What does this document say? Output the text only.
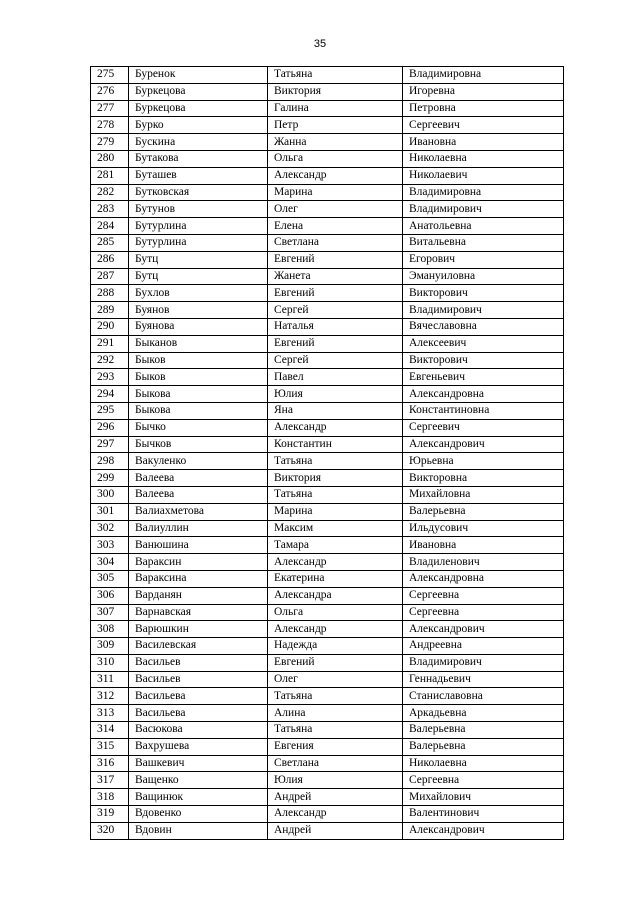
35
275	Буренок	Татьяна	Владимировна
276	Буркецова	Виктория	Игоревна
277	Буркецова	Галина	Петровна
278	Бурко	Петр	Сергеевич
279	Бускина	Жанна	Ивановна
280	Бутакова	Ольга	Николаевна
281	Буташев	Александр	Николаевич
282	Бутковская	Марина	Владимировна
283	Бутунов	Олег	Владимирович
284	Бутурлина	Елена	Анатольевна
285	Бутурлина	Светлана	Витальевна
286	Бутц	Евгений	Егорович
287	Бутц	Жанета	Эмануиловна
288	Бухлов	Евгений	Викторович
289	Буянов	Сергей	Владимирович
290	Буянова	Наталья	Вячеславовна
291	Быканов	Евгений	Алексеевич
292	Быков	Сергей	Викторович
293	Быков	Павел	Евгеньевич
294	Быкова	Юлия	Александровна
295	Быкова	Яна	Константиновна
296	Бычко	Александр	Сергеевич
297	Бычков	Константин	Александрович
298	Вакуленко	Татьяна	Юрьевна
299	Валеева	Виктория	Викторовна
300	Валеева	Татьяна	Михайловна
301	Валиахметова	Марина	Валерьевна
302	Валиуллин	Максим	Ильдусович
303	Ванюшина	Тамара	Ивановна
304	Вараксин	Александр	Владиленович
305	Вараксина	Екатерина	Александровна
306	Варданян	Александра	Сергеевна
307	Варнавская	Ольга	Сергеевна
308	Варюшкин	Александр	Александрович
309	Василевская	Надежда	Андреевна
310	Васильев	Евгений	Владимирович
311	Васильев	Олег	Геннадьевич
312	Васильева	Татьяна	Станиславовна
313	Васильева	Алина	Аркадьевна
314	Васюкова	Татьяна	Валерьевна
315	Вахрушева	Евгения	Валерьевна
316	Вашкевич	Светлана	Николаевна
317	Ващенко	Юлия	Сергеевна
318	Ващинюк	Андрей	Михайлович
319	Вдовенко	Александр	Валентинович
320	Вдовин	Андрей	Александрович
